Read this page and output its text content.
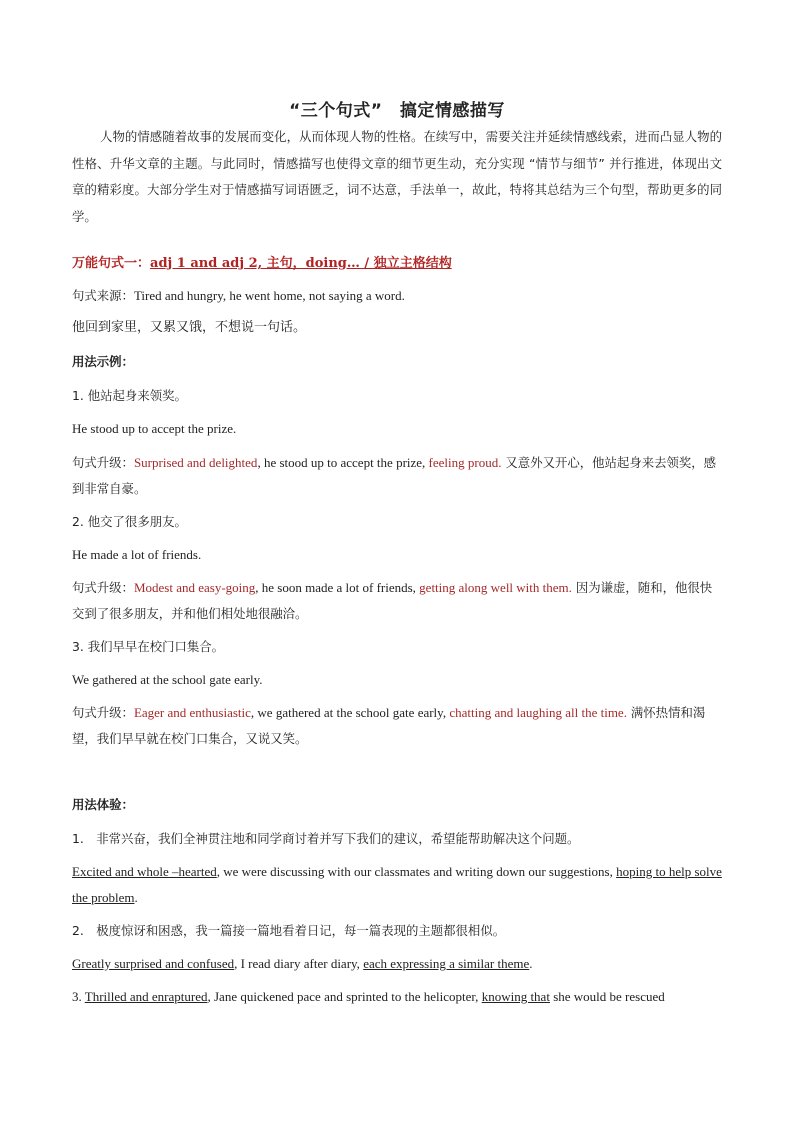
“三个句式”　搞定情感描写
人物的情感随着故事的发展而变化，从而体现人物的性格。在续写中，需要关注并延续情感线索，进而凸显人物的性格、升华文章的主题。与此同时，情感描写也使得文章的细节更生动，充分实现 “情节与细节” 并行推进，体现出文章的精彩度。大部分学生对于情感描写词语匮乏，词不达意，手法单一，故此，特将其总结为三个句型，帮助更多的同学。
万能句式一：adj 1 and adj 2, 主句，doing… / 独立主格结构
句式来源：Tired and hungry, he went home, not saying a word.
他回到家里，又累又饿，不想说一句话。
用法示例：
1. 他站起身来领奖。
He stood up to accept the prize.
句式升级：Surprised and delighted, he stood up to accept the prize, feeling proud. 又意外又开心，他站起身来去领奖，感到非常自豪。
2. 他交了很多朋友。
He made a lot of friends.
句式升级：Modest and easy-going, he soon made a lot of friends, getting along well with them. 因为谦虚，随和，他很快交到了很多朋友，并和他们相处地很融洽。
3. 我们早早在校门口集合。
We gathered at the school gate early.
句式升级：Eager and enthusiastic, we gathered at the school gate early, chatting and laughing all the time. 满怀热情和渴望，我们早早就在校门口集合，又说又笑。
用法体验：
1.　非常兴奋，我们全神贯注地和同学商讨着并写下我们的建议，希望能帮助解决这个问题。
Excited and whole –hearted, we were discussing with our classmates and writing down our suggestions, hoping to help solve the problem.
2.　极度惊讶和困惑，我一篇接一篇地看着日记，每一篇表现的主题都很相似。
Greatly surprised and confused, I read diary after diary, each expressing a similar theme.
3. Thrilled and enraptured, Jane quickened pace and sprinted to the helicopter, knowing that she would be rescued
